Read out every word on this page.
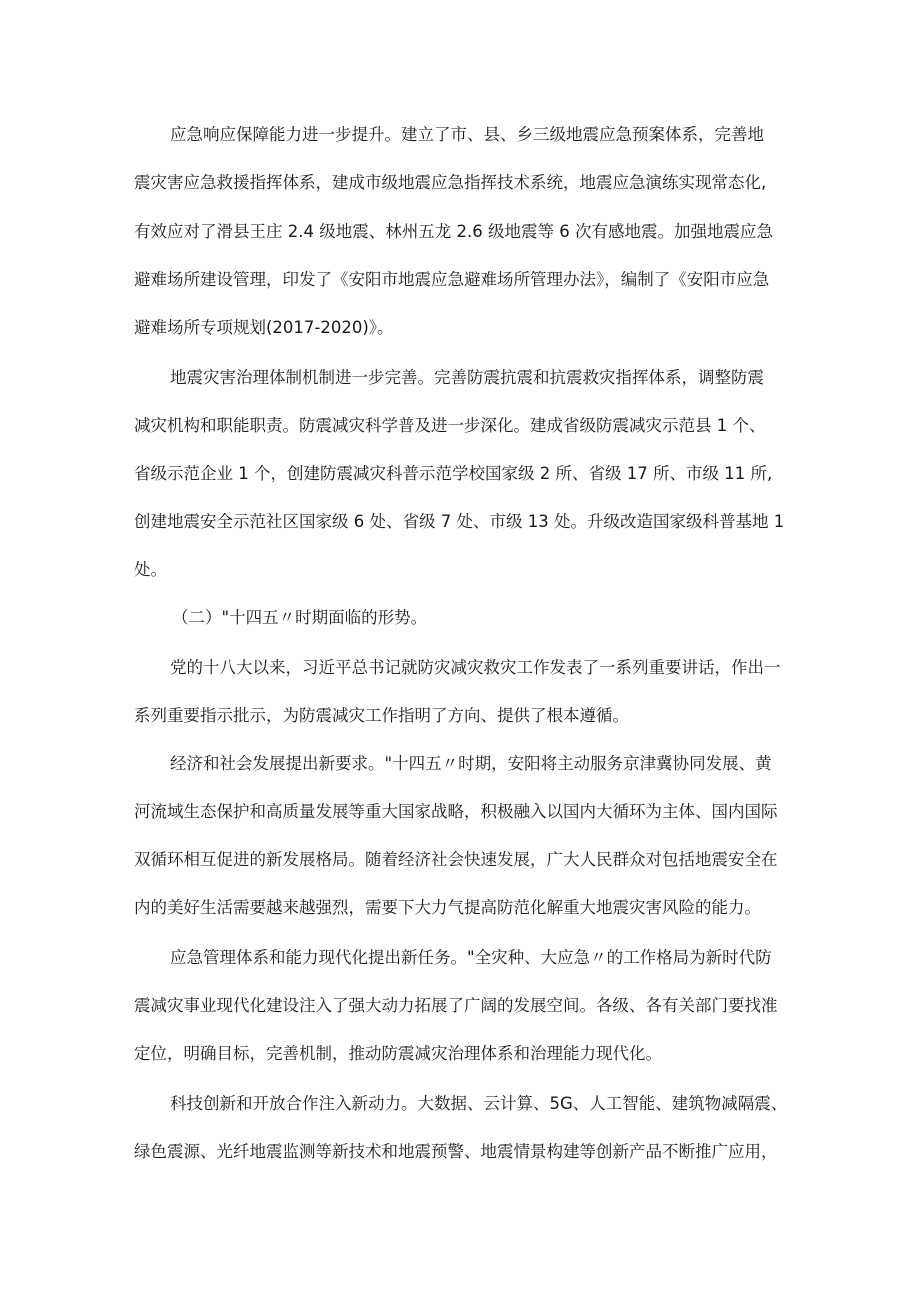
应急响应保障能力进一步提升。建立了市、县、乡三级地震应急预案体系，完善地
震灾害应急救援指挥体系，建成市级地震应急指挥技术系统，地震应急演练实现常态化,
有效应对了滑县王庄 2.4 级地震、林州五龙 2.6 级地震等 6 次有感地震。加强地震应急
避难场所建设管理，印发了《安阳市地震应急避难场所管理办法》，编制了《安阳市应急
避难场所专项规划(2017-2020)》。
地震灾害治理体制机制进一步完善。完善防震抗震和抗震救灾指挥体系，调整防震
减灾机构和职能职责。防震减灾科学普及进一步深化。建成省级防震减灾示范县 1 个、
省级示范企业 1 个，创建防震减灾科普示范学校国家级 2 所、省级 17 所、市级 11 所,
创建地震安全示范社区国家级 6 处、省级 7 处、市级 13 处。升级改造国家级科普基地 1
处。
（二）"十四五〃时期面临的形势。
党的十八大以来，习近平总书记就防灾减灾救灾工作发表了一系列重要讲话，作出一
系列重要指示批示，为防震减灾工作指明了方向、提供了根本遵循。
经济和社会发展提出新要求。"十四五〃时期，安阳将主动服务京津冀协同发展、黄
河流域生态保护和高质量发展等重大国家战略，积极融入以国内大循环为主体、国内国际
双循环相互促进的新发展格局。随着经济社会快速发展，广大人民群众对包括地震安全在
内的美好生活需要越来越强烈，需要下大力气提高防范化解重大地震灾害风险的能力。
应急管理体系和能力现代化提出新任务。"全灾种、大应急〃的工作格局为新时代防
震减灾事业现代化建设注入了强大动力拓展了广阔的发展空间。各级、各有关部门要找准
定位，明确目标，完善机制，推动防震减灾治理体系和治理能力现代化。
科技创新和开放合作注入新动力。大数据、云计算、5G、人工智能、建筑物减隔震、
绿色震源、光纤地震监测等新技术和地震预警、地震情景构建等创新产品不断推广应用，
